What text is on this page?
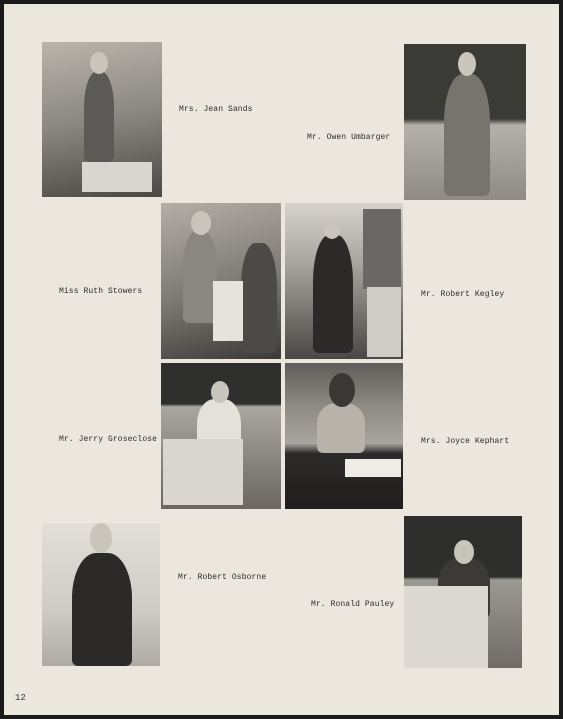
Mrs. Jean Sands
Mr. Owen Umbarger
Miss Ruth Stowers	Mr. Robert Kegley
Mr. Jerry Groseclose	Mrs. Joyce Kephart
Mr. Robert Osborne
Mr. Ronald Pauley
12
